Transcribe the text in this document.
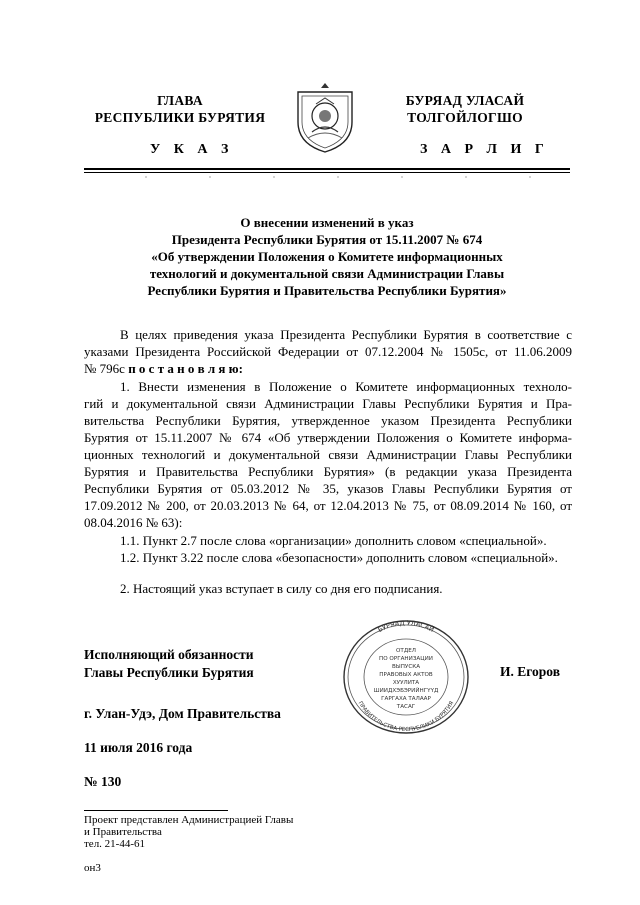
ГЛАВА
РЕСПУБЛИКИ БУРЯТИЯ
БУРЯАД УЛАСАЙ
ТОЛГОЙЛОГШО
У К А З	З А Р Л И Г
О внесении изменений в указ
Президента Республики Бурятия от 15.11.2007 № 674
«Об утверждении Положения о Комитете информационных
технологий и документальной связи Администрации Главы
Республики Бурятия и Правительства Республики Бурятия»
В целях приведения указа Президента Республики Бурятия в соответствие с
указами Президента Российской Федерации от 07.12.2004 № 1505с, от 11.06.2009
№ 796с п о с т а н о в л я ю:
1. Внести изменения в Положение о Комитете информационных техноло-
гий и документальной связи Администрации Главы Республики Бурятия и Пра-
вительства Республики Бурятия, утвержденное указом Президента Республики
Бурятия от 15.11.2007 № 674 «Об утверждении Положения о Комитете информа-
ционных технологий и документальной связи Администрации Главы Республики
Бурятия и Правительства Республики Бурятия» (в редакции указа Президента
Республики Бурятия от 05.03.2012 № 35, указов Главы Республики Бурятия от
17.09.2012 № 200, от 20.03.2013 № 64, от 12.04.2013 № 75, от 08.09.2014 № 160, от
08.04.2016 № 63):
1.1. Пункт 2.7 после слова «организации» дополнить словом «специальной».
1.2. Пункт 3.22 после слова «безопасности» дополнить словом «специальной».
2. Настоящий указ вступает в силу со дня его подписания.
Исполняющий обязанности
Главы Республики Бурятия
БУРЯАД УЛАСАЙ
ПРАВИТЕЛЬСТВА РЕСПУБЛИКИ БУРЯТИЯ
ОТДЕЛ
ПО ОРГАНИЗАЦИИ
ВЫПУСКА
ПРАВОВЫХ АКТОВ
ХУУЛИТА
ШИИДХЭБЭРИЙНГҮҮД
ГАРГАХА ТАЛААР
ТАСАГ
И. Егоров
г. Улан-Удэ, Дом Правительства
11 июля 2016 года
№ 130
Проект представлен Администрацией Главы
и Правительства
тел. 21-44-61
он3
